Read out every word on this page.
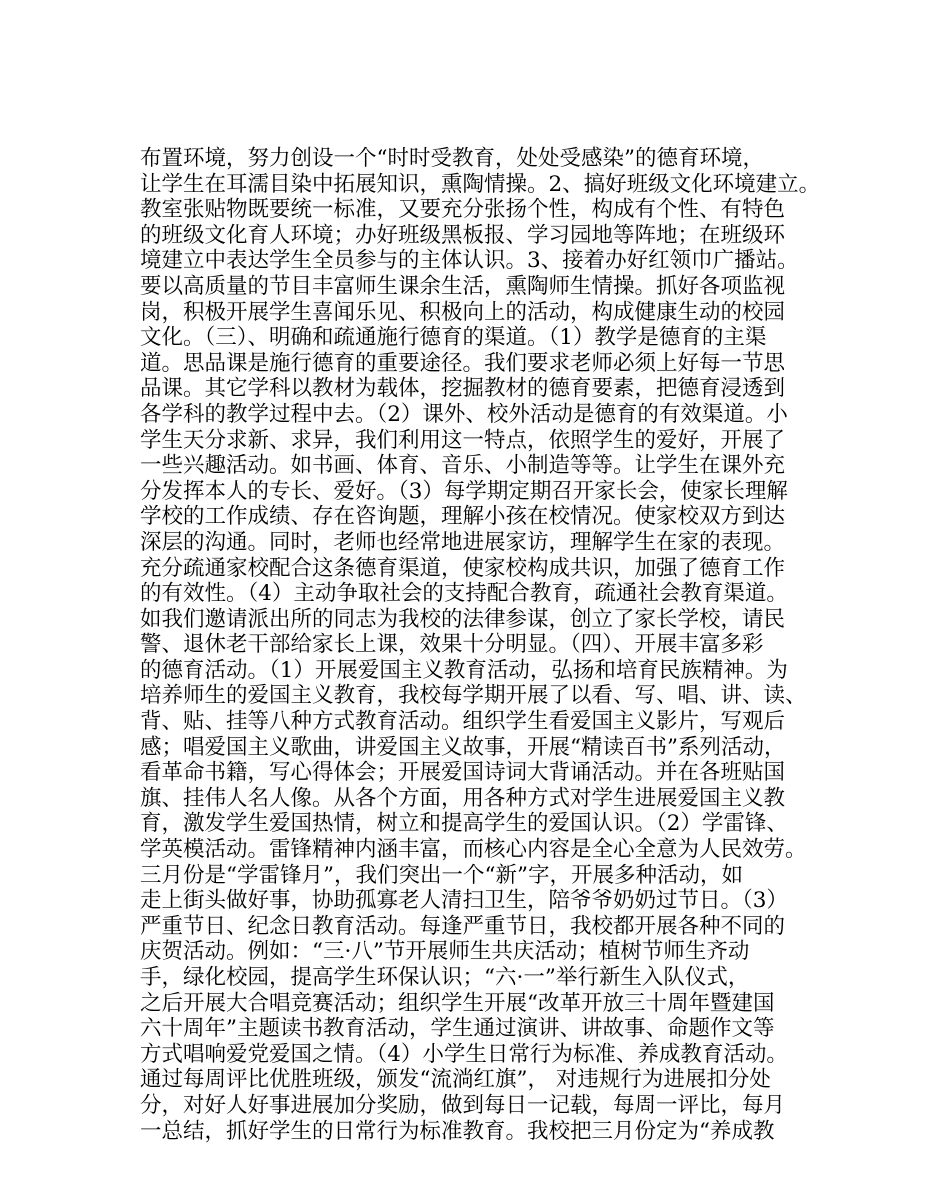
布置环境，努力创设一个“时时受教育，处处受感染”的德育环境，
让学生在耳濡目染中拓展知识，熏陶情操。2、搞好班级文化环境建立。
教室张贴物既要统一标准，又要充分张扬个性，构成有个性、有特色
的班级文化育人环境；办好班级黑板报、学习园地等阵地；在班级环
境建立中表达学生全员参与的主体认识。3、接着办好红领巾广播站。
要以高质量的节目丰富师生课余生活，熏陶师生情操。抓好各项监视
岗，积极开展学生喜闻乐见、积极向上的活动，构成健康生动的校园
文化。（三）、明确和疏通施行德育的渠道。（1）教学是德育的主渠
道。思品课是施行德育的重要途径。我们要求老师必须上好每一节思
品课。其它学科以教材为载体，挖掘教材的德育要素，把德育浸透到
各学科的教学过程中去。（2）课外、校外活动是德育的有效渠道。小
学生天分求新、求异，我们利用这一特点，依照学生的爱好，开展了
一些兴趣活动。如书画、体育、音乐、小制造等等。让学生在课外充
分发挥本人的专长、爱好。（3）每学期定期召开家长会，使家长理解
学校的工作成绩、存在咨询题，理解小孩在校情况。使家校双方到达
深层的沟通。同时，老师也经常地进展家访，理解学生在家的表现。
充分疏通家校配合这条德育渠道，使家校构成共识，加强了德育工作
的有效性。（4）主动争取社会的支持配合教育，疏通社会教育渠道。
如我们邀请派出所的同志为我校的法律参谋，创立了家长学校，请民
警、退休老干部给家长上课，效果十分明显。（四）、开展丰富多彩
的德育活动。（1）开展爱国主义教育活动，弘扬和培育民族精神。为
培养师生的爱国主义教育，我校每学期开展了以看、写、唱、讲、读、
背、贴、挂等八种方式教育活动。组织学生看爱国主义影片，写观后
感；唱爱国主义歌曲，讲爱国主义故事，开展“精读百书”系列活动，
看革命书籍，写心得体会；开展爱国诗词大背诵活动。并在各班贴国
旗、挂伟人名人像。从各个方面，用各种方式对学生进展爱国主义教
育，激发学生爱国热情，树立和提高学生的爱国认识。（2）学雷锋、
学英模活动。雷锋精神内涵丰富，而核心内容是全心全意为人民效劳。
三月份是“学雷锋月”，我们突出一个“新”字，开展多种活动，如
走上街头做好事，协助孤寡老人清扫卫生，陪爷爷奶奶过节日。（3）
严重节日、纪念日教育活动。每逢严重节日，我校都开展各种不同的
庆贺活动。例如：“三·八”节开展师生共庆活动；植树节师生齐动
手，绿化校园，提高学生环保认识；“六·一”举行新生入队仪式，
之后开展大合唱竞赛活动；组织学生开展“改革开放三十周年暨建国
六十周年”主题读书教育活动，学生通过演讲、讲故事、命题作文等
方式唱响爱党爱国之情。（4）小学生日常行为标准、养成教育活动。
通过每周评比优胜班级，颁发“流淌红旗”， 对违规行为进展扣分处
分，对好人好事进展加分奖励，做到每日一记载，每周一评比，每月
一总结，抓好学生的日常行为标准教育。我校把三月份定为“养成教
